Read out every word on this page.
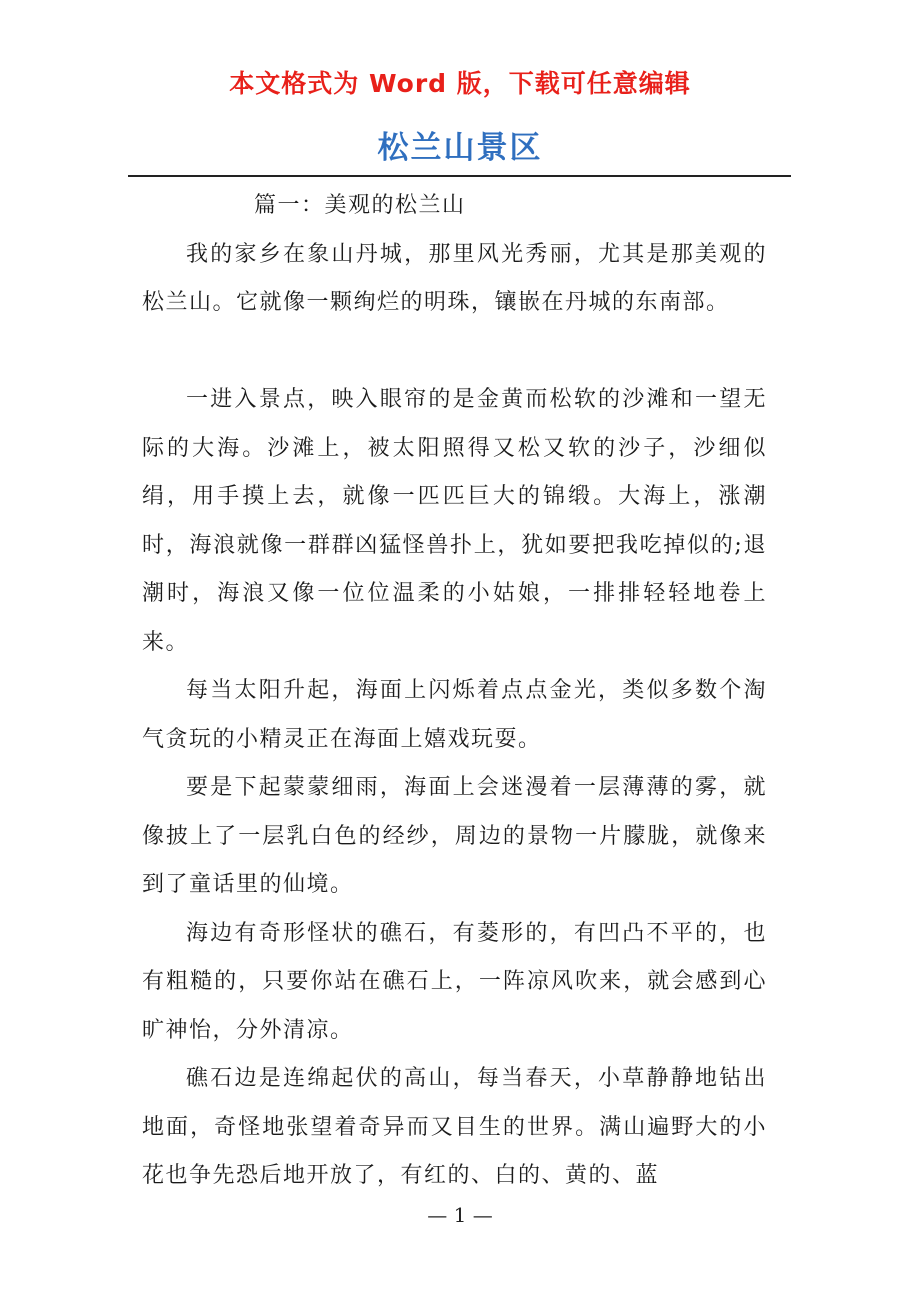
本文格式为 Word 版，下载可任意编辑
松兰山景区

篇一：美观的松兰山

我的家乡在象山丹城，那里风光秀丽，尤其是那美观的松兰山。它就像一颗绚烂的明珠，镶嵌在丹城的东南部。

一进入景点，映入眼帘的是金黄而松软的沙滩和一望无际的大海。沙滩上，被太阳照得又松又软的沙子，沙细似绢，用手摸上去，就像一匹匹巨大的锦缎。大海上，涨潮时，海浪就像一群群凶猛怪兽扑上，犹如要把我吃掉似的;退潮时，海浪又像一位位温柔的小姑娘，一排排轻轻地卷上来。

每当太阳升起，海面上闪烁着点点金光，类似多数个淘气贪玩的小精灵正在海面上嬉戏玩耍。

要是下起蒙蒙细雨，海面上会迷漫着一层薄薄的雾，就像披上了一层乳白色的经纱，周边的景物一片朦胧，就像来到了童话里的仙境。

海边有奇形怪状的礁石，有菱形的，有凹凸不平的，也有粗糙的，只要你站在礁石上，一阵凉风吹来，就会感到心旷神怡，分外清凉。

礁石边是连绵起伏的高山，每当春天，小草静静地钻出地面，奇怪地张望着奇异而又目生的世界。满山遍野大的小花也争先恐后地开放了，有红的、白的、黄的、蓝

— 1 —
